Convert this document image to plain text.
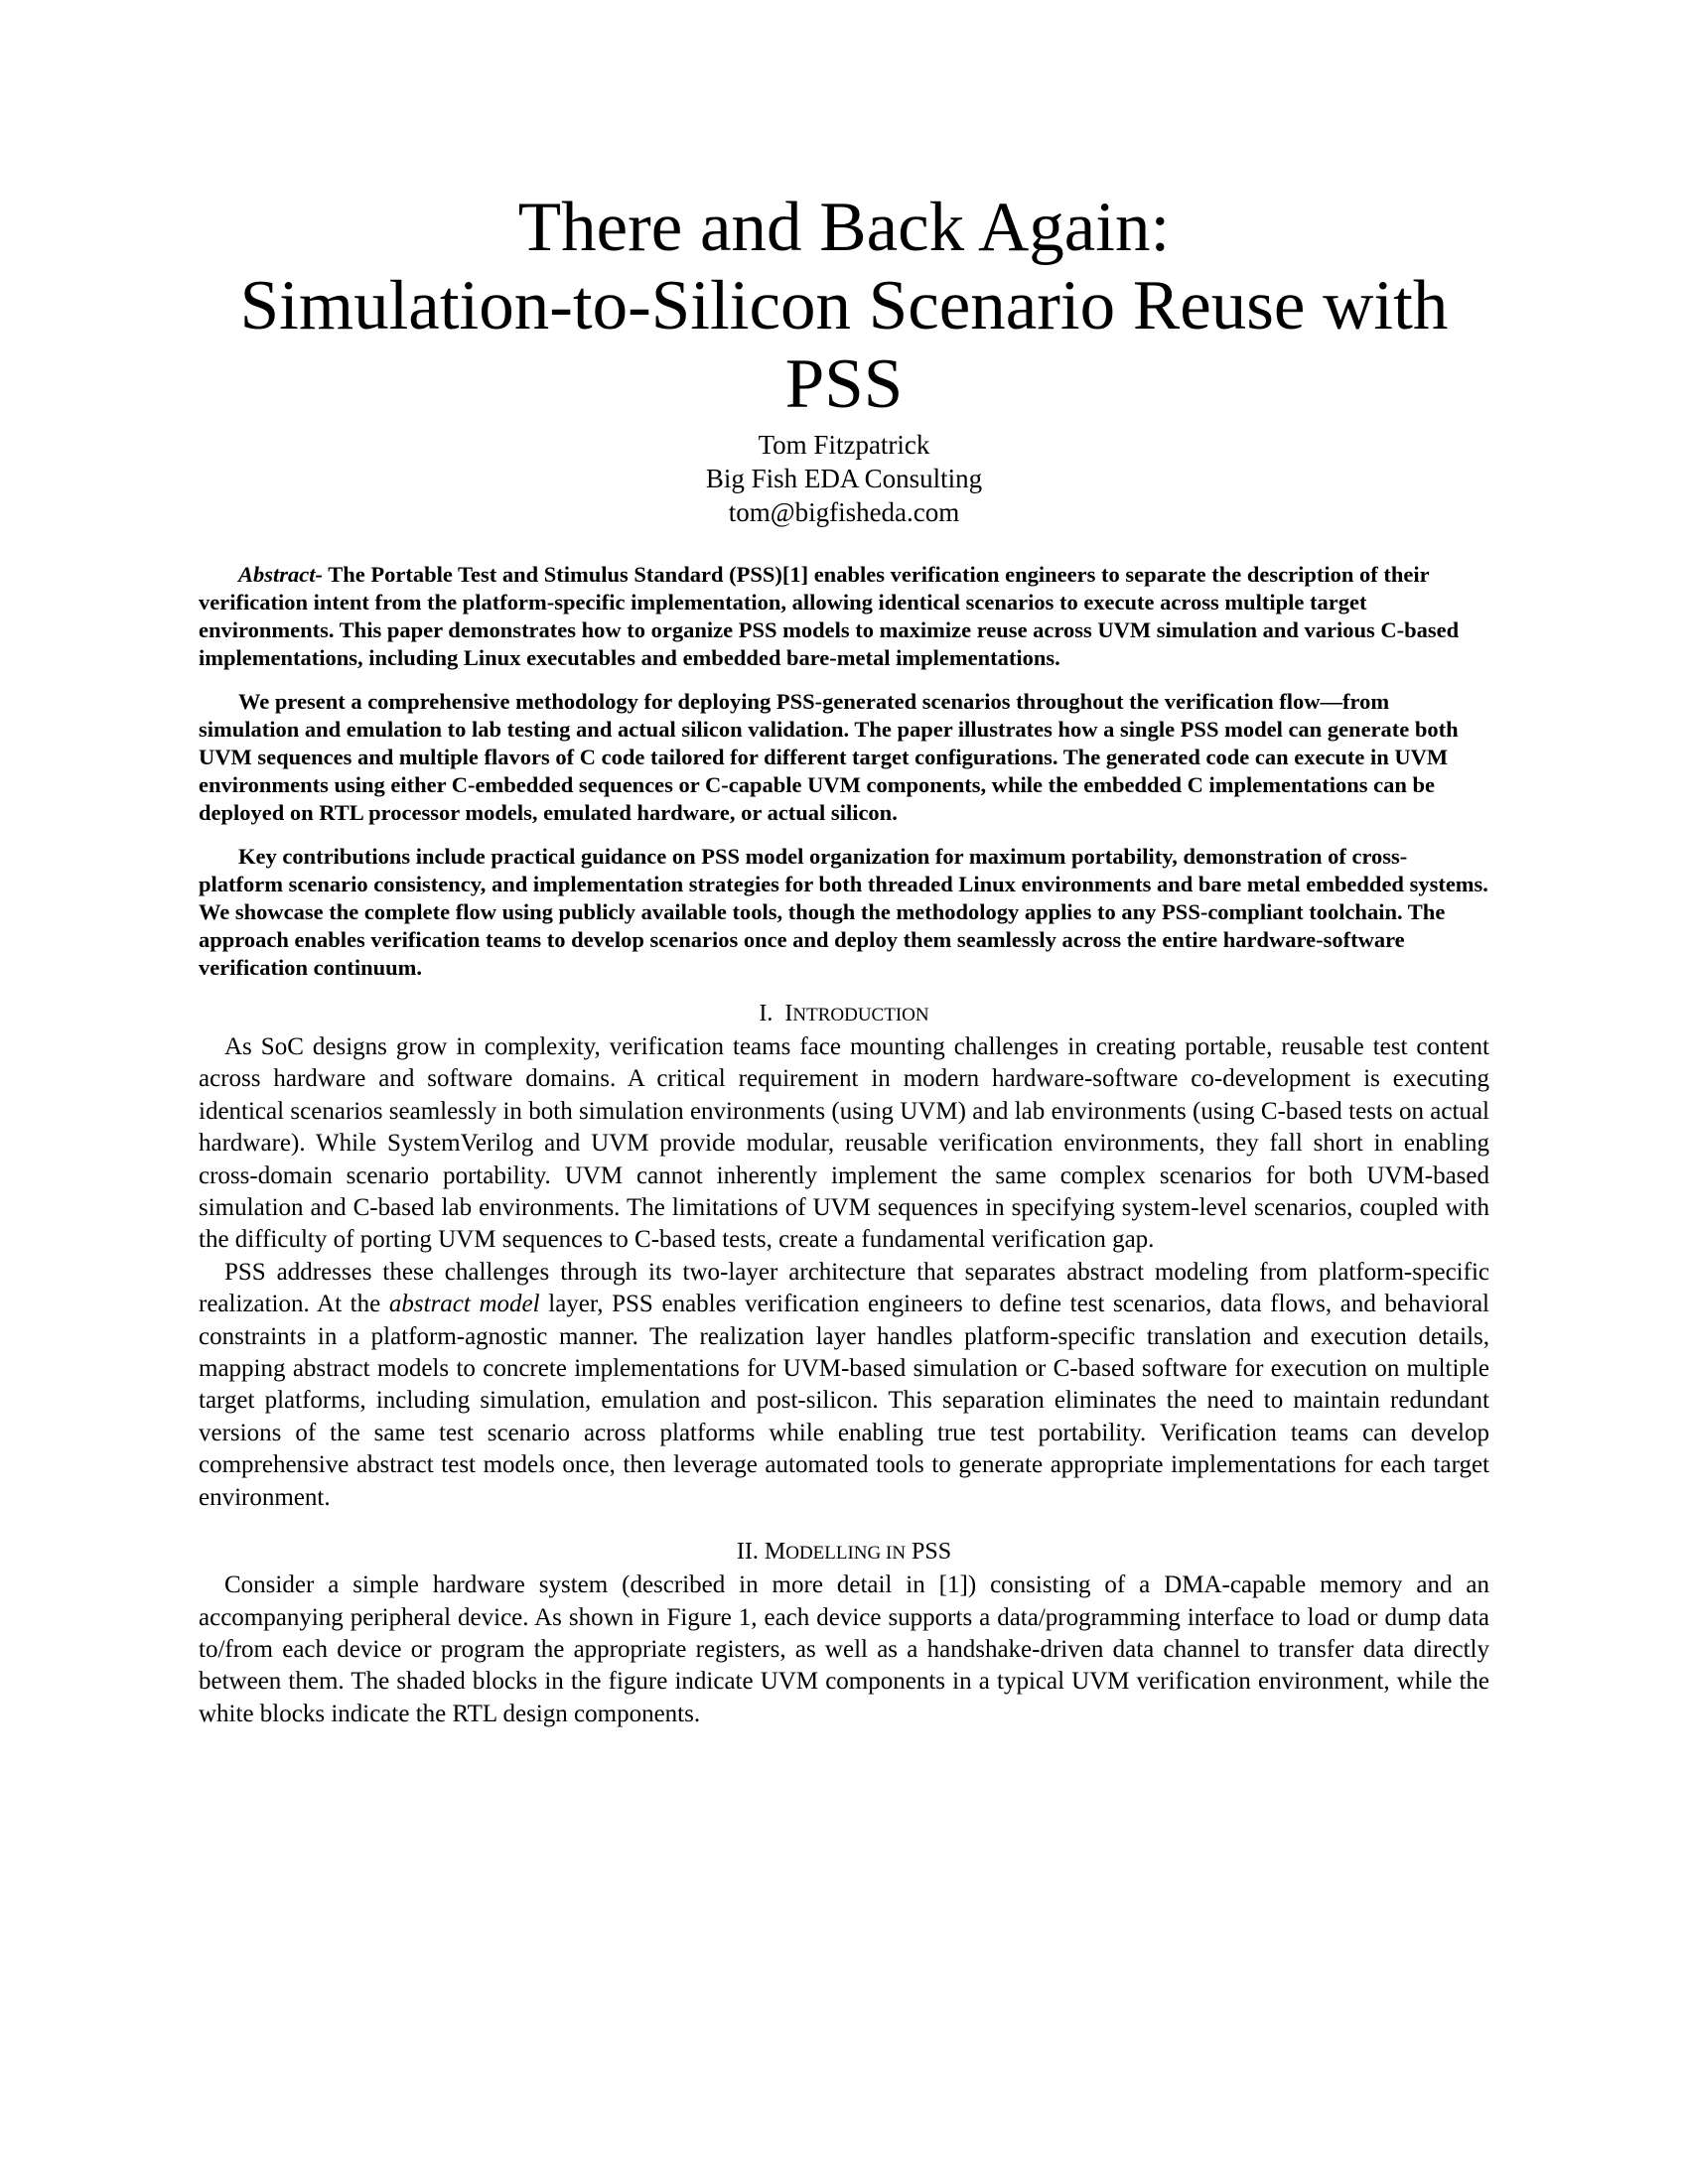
There and Back Again:
Simulation-to-Silicon Scenario Reuse with
PSS
Tom Fitzpatrick
Big Fish EDA Consulting
tom@bigfisheda.com

Abstract- The Portable Test and Stimulus Standard (PSS)[1] enables verification engineers to separate the description of their verification intent from the platform-specific implementation, allowing identical scenarios to execute across multiple target environments. This paper demonstrates how to organize PSS models to maximize reuse across UVM simulation and various C-based implementations, including Linux executables and embedded bare-metal implementations.

We present a comprehensive methodology for deploying PSS-generated scenarios throughout the verification flow—from simulation and emulation to lab testing and actual silicon validation. The paper illustrates how a single PSS model can generate both UVM sequences and multiple flavors of C code tailored for different target configurations. The generated code can execute in UVM environments using either C-embedded sequences or C-capable UVM components, while the embedded C implementations can be deployed on RTL processor models, emulated hardware, or actual silicon.

Key contributions include practical guidance on PSS model organization for maximum portability, demonstration of cross-platform scenario consistency, and implementation strategies for both threaded Linux environments and bare metal embedded systems. We showcase the complete flow using publicly available tools, though the methodology applies to any PSS-compliant toolchain. The approach enables verification teams to develop scenarios once and deploy them seamlessly across the entire hardware-software verification continuum.

I. INTRODUCTION

As SoC designs grow in complexity, verification teams face mounting challenges in creating portable, reusable test content across hardware and software domains. A critical requirement in modern hardware-software co-development is executing identical scenarios seamlessly in both simulation environments (using UVM) and lab environments (using C-based tests on actual hardware). While SystemVerilog and UVM provide modular, reusable verification environments, they fall short in enabling cross-domain scenario portability. UVM cannot inherently implement the same complex scenarios for both UVM-based simulation and C-based lab environments. The limitations of UVM sequences in specifying system-level scenarios, coupled with the difficulty of porting UVM sequences to C-based tests, create a fundamental verification gap.

PSS addresses these challenges through its two-layer architecture that separates abstract modeling from platform-specific realization. At the abstract model layer, PSS enables verification engineers to define test scenarios, data flows, and behavioral constraints in a platform-agnostic manner. The realization layer handles platform-specific translation and execution details, mapping abstract models to concrete implementations for UVM-based simulation or C-based software for execution on multiple target platforms, including simulation, emulation and post-silicon. This separation eliminates the need to maintain redundant versions of the same test scenario across platforms while enabling true test portability. Verification teams can develop comprehensive abstract test models once, then leverage automated tools to generate appropriate implementations for each target environment.

II. MODELLING IN PSS

Consider a simple hardware system (described in more detail in [1]) consisting of a DMA-capable memory and an accompanying peripheral device. As shown in Figure 1, each device supports a data/programming interface to load or dump data to/from each device or program the appropriate registers, as well as a handshake-driven data channel to transfer data directly between them. The shaded blocks in the figure indicate UVM components in a typical UVM verification environment, while the white blocks indicate the RTL design components.
